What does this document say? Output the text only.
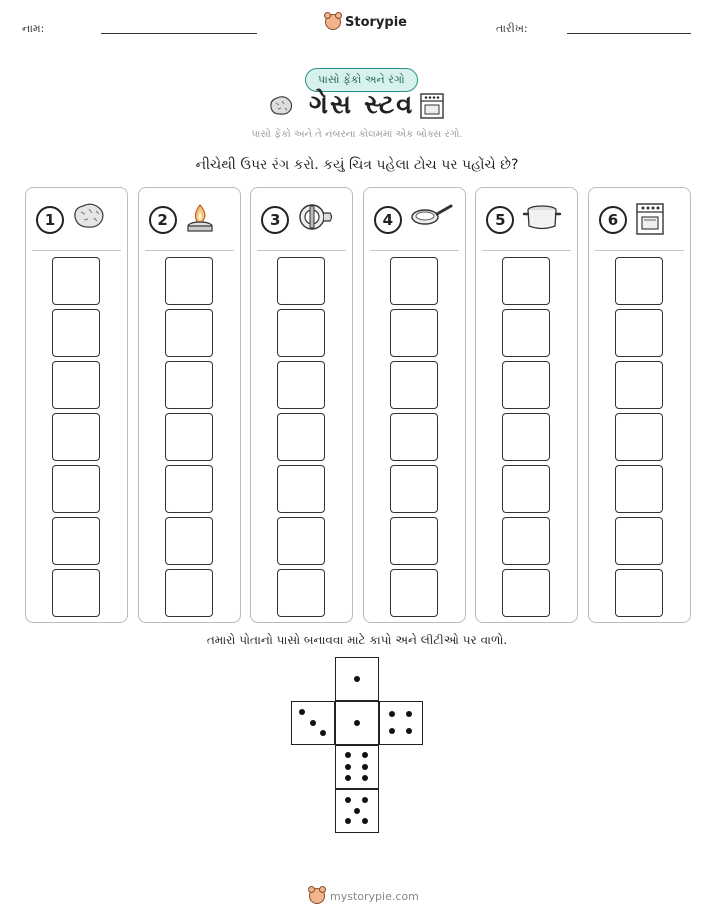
નામ:	Storypie	તારીખ:
પાસો ફેંકો અને રંગો
ગેસ સ્ટવ
પાસો ફેંકો અને તે નંબરના કોલમમાં એક બોક્સ રંગો.
નીચેથી ઉપર રંગ કરો. કયું ચિત્ર પહેલા ટોચ પર પહોંચે છે?
1	2	3	4	5	6
તમારો પોતાનો પાસો બનાવવા માટે કાપો અને લીટીઓ પર વાળો.
mystorypie.com
